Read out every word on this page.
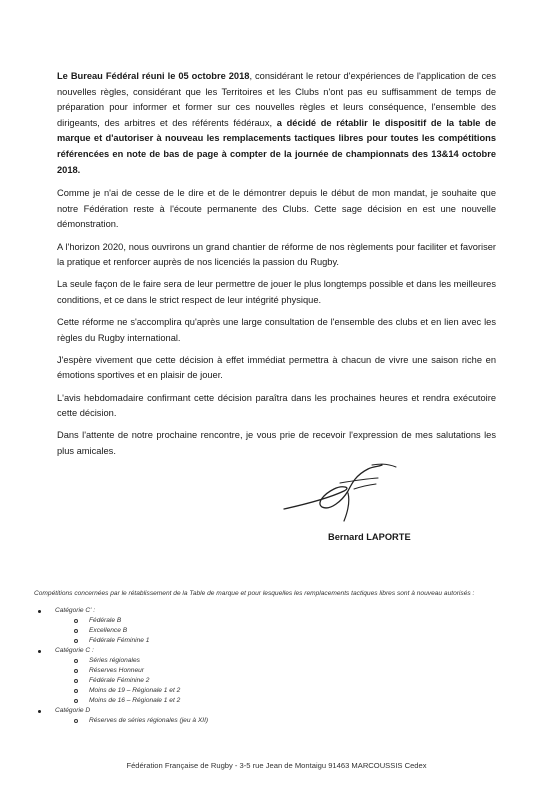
Le Bureau Fédéral réuni le 05 octobre 2018, considérant le retour d'expériences de l'application de ces nouvelles règles, considérant que les Territoires et les Clubs n'ont pas eu suffisamment de temps de préparation pour informer et former sur ces nouvelles règles et leurs conséquence, l'ensemble des dirigeants, des arbitres et des référents fédéraux, a décidé de rétablir le dispositif de la table de marque et d'autoriser à nouveau les remplacements tactiques libres pour toutes les compétitions référencées en note de bas de page à compter de la journée de championnats des 13&14 octobre 2018.

Comme je n'ai de cesse de le dire et de le démontrer depuis le début de mon mandat, je souhaite que notre Fédération reste à l'écoute permanente des Clubs. Cette sage décision en est une nouvelle démonstration.

A l'horizon 2020, nous ouvrirons un grand chantier de réforme de nos règlements pour faciliter et favoriser la pratique et renforcer auprès de nos licenciés la passion du Rugby.

La seule façon de le faire sera de leur permettre de jouer le plus longtemps possible et dans les meilleures conditions, et ce dans le strict respect de leur intégrité physique.

Cette réforme ne s'accomplira qu'après une large consultation de l'ensemble des clubs et en lien avec les règles du Rugby international.

J'espère vivement que cette décision à effet immédiat permettra à chacun de vivre une saison riche en émotions sportives et en plaisir de jouer.

L'avis hebdomadaire confirmant cette décision paraîtra dans les prochaines heures et rendra exécutoire cette décision.

Dans l'attente de notre prochaine rencontre, je vous prie de recevoir l'expression de mes salutations les plus amicales.

Bernard LAPORTE

Compétitions concernées par le rétablissement de la Table de marque et pour lesquelles les remplacements tactiques libres sont à nouveau autorisés :

Catégorie C' :
Fédérale B
Excellence B
Fédérale Féminine 1
Catégorie C :
Séries régionales
Réserves Honneur
Fédérale Féminine 2
Moins de 19 – Régionale 1 et 2
Moins de 16 – Régionale 1 et 2
Catégorie D
Réserves de séries régionales (jeu à XII)
Fédération Française de Rugby - 3-5 rue Jean de Montaigu 91463 MARCOUSSIS Cedex
